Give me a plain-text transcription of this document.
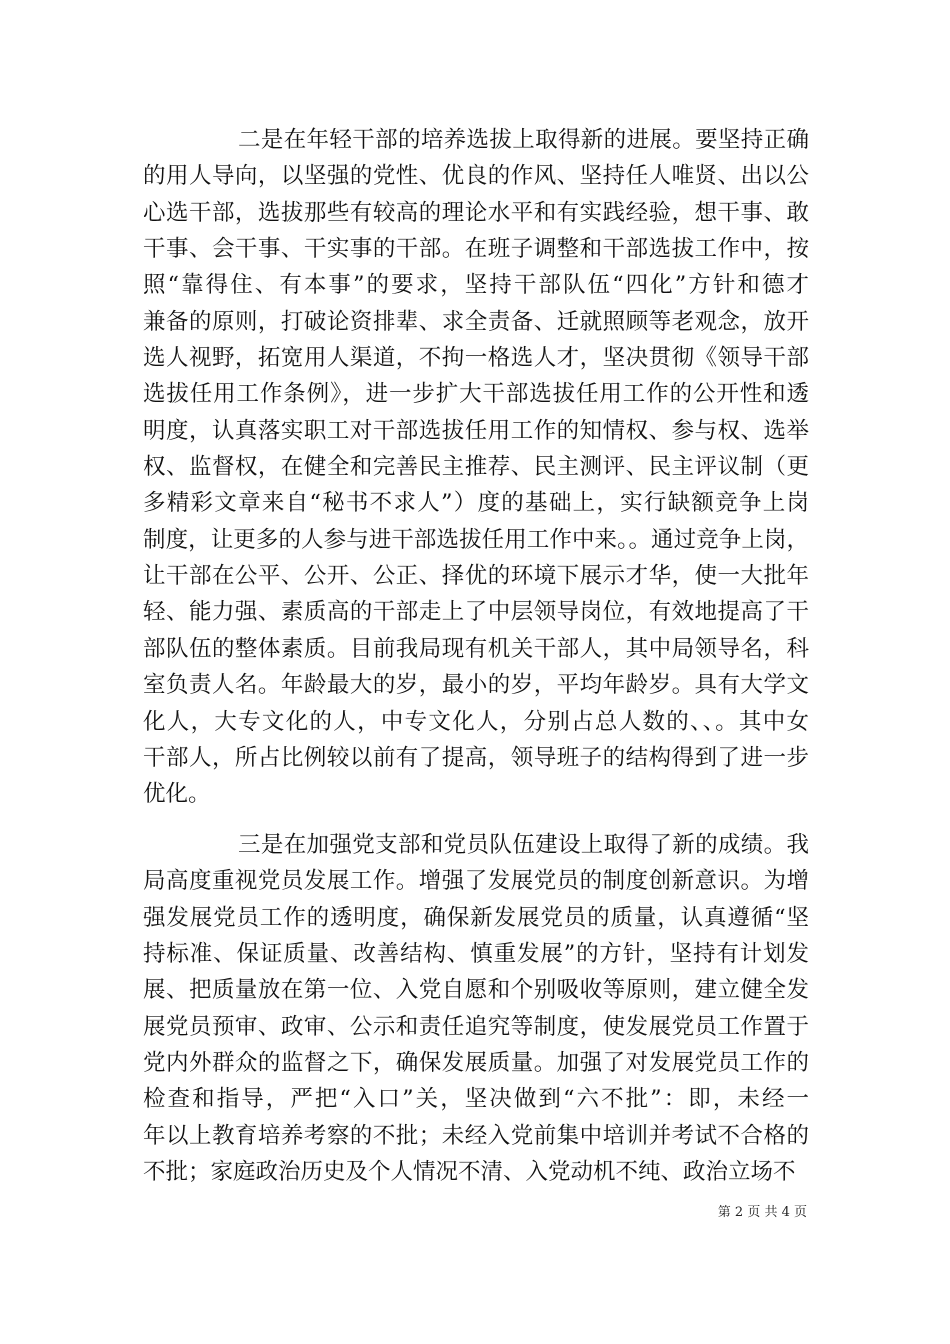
二是在年轻干部的培养选拔上取得新的进展。要坚持正确
的用人导向，以坚强的党性、优良的作风、坚持任人唯贤、出以公
心选干部，选拔那些有较高的理论水平和有实践经验，想干事、敢
干事、会干事、干实事的干部。在班子调整和干部选拔工作中，按
照“靠得住、有本事”的要求，坚持干部队伍“四化”方针和德才
兼备的原则，打破论资排辈、求全责备、迁就照顾等老观念，放开
选人视野，拓宽用人渠道，不拘一格选人才，坚决贯彻《领导干部
选拔任用工作条例》，进一步扩大干部选拔任用工作的公开性和透
明度，认真落实职工对干部选拔任用工作的知情权、参与权、选举
权、监督权，在健全和完善民主推荐、民主测评、民主评议制（更
多精彩文章来自“秘书不求人”）度的基础上，实行缺额竞争上岗
制度，让更多的人参与进干部选拔任用工作中来。。通过竞争上岗，
让干部在公平、公开、公正、择优的环境下展示才华，使一大批年
轻、能力强、素质高的干部走上了中层领导岗位，有效地提高了干
部队伍的整体素质。目前我局现有机关干部人，其中局领导名，科
室负责人名。年龄最大的岁，最小的岁，平均年龄岁。具有大学文
化人，大专文化的人，中专文化人，分别占总人数的、、。其中女
干部人，所占比例较以前有了提高，领导班子的结构得到了进一步
优化。
三是在加强党支部和党员队伍建设上取得了新的成绩。我
局高度重视党员发展工作。增强了发展党员的制度创新意识。为增
强发展党员工作的透明度，确保新发展党员的质量，认真遵循“坚
持标准、保证质量、改善结构、慎重发展”的方针，坚持有计划发
展、把质量放在第一位、入党自愿和个别吸收等原则，建立健全发
展党员预审、政审、公示和责任追究等制度，使发展党员工作置于
党内外群众的监督之下，确保发展质量。加强了对发展党员工作的
检查和指导，严把“入口”关，坚决做到“六不批”：即，未经一
年以上教育培养考察的不批；未经入党前集中培训并考试不合格的
不批；家庭政治历史及个人情况不清、入党动机不纯、政治立场不
第 2 页 共 4 页
